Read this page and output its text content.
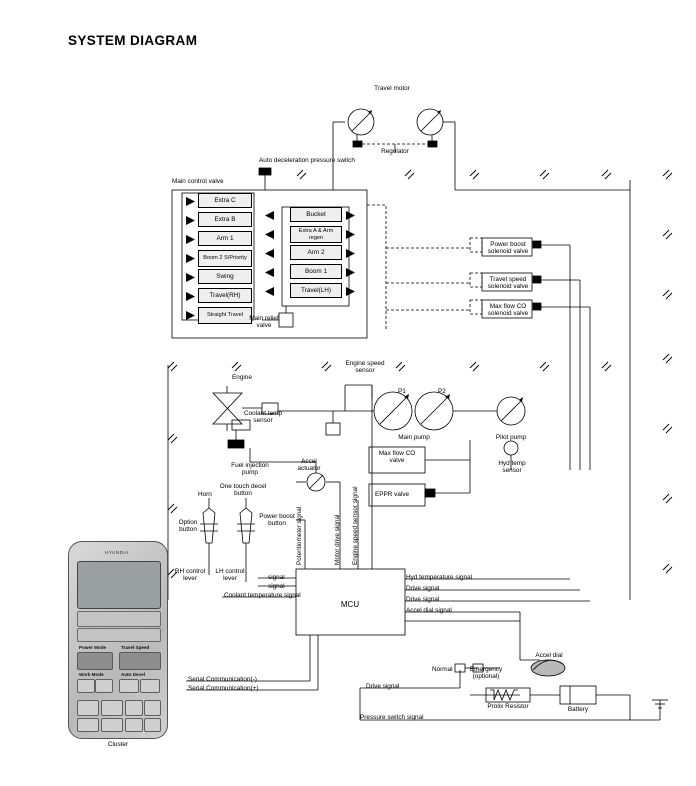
SYSTEM DIAGRAM
Travel motor
Regulator
Auto deceleration pressure switch
Main control valve
Extra C
Extra B
Arm 1
Boom 2 S/Priority
Swing
Travel(RH)
Straight Travel
Bucket
Extra A & Arm regen
Arm 2
Boom 1
Travel(LH)
Main relief valve
Power boost solenoid valve
Travel speed solenoid valve
Max flow CO solenoid valve
Engine
Engine speed sensor
Coolant temp sensor
Fuel injection pump
Accel actuator
P1	P2
Main pump	Pilot pump
Max flow CO valve
EPPR valve
Hyd temp sensor
Horn
One touch decel button
Power boost button
Option button
RH control lever
LH control lever	signal
signal
Coolant temperature signal
Potentiometer signal	Motor drive signal Engine speed sensor signal
MCU
Hyd temperature signal
Drive signal
Drive signal
Accel dial signal
Accel dial
Normal	Emergency (optional)
Drive signal
Prolix Resistor	Battery
Pressure switch signal
Serial Communication(-)
Serial Communication(+)
HYUNDAI
Power Mode
Work Mode
Travel Speed
Auto Decel
Cluster
